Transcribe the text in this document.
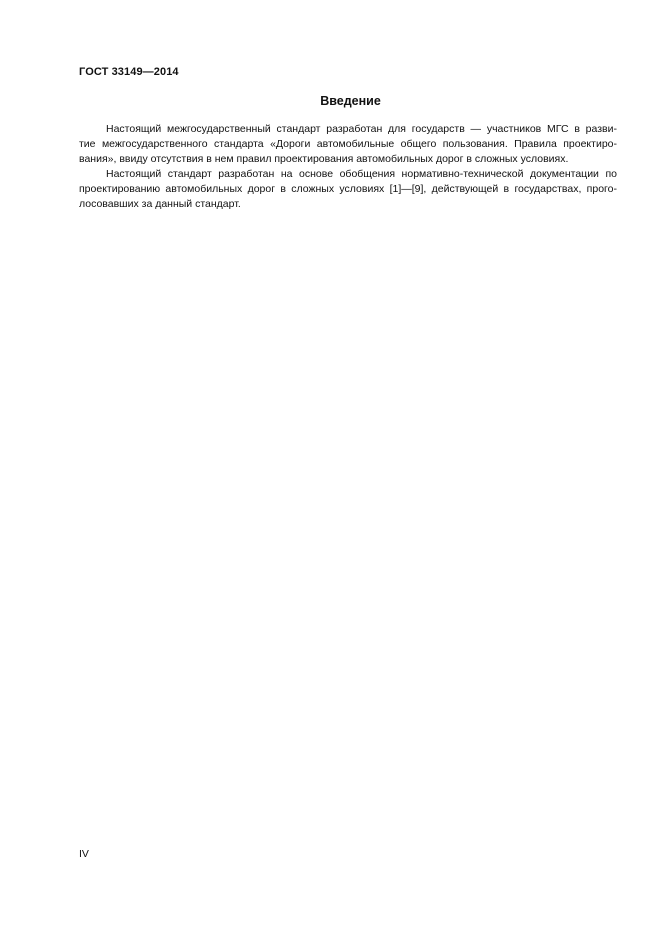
ГОСТ 33149—2014
Введение
Настоящий межгосударственный стандарт разработан для государств — участников МГС в разви-
тие межгосударственного стандарта «Дороги автомобильные общего пользования. Правила проектиро-
вания», ввиду отсутствия в нем правил проектирования автомобильных дорог в сложных условиях.
Настоящий стандарт разработан на основе обобщения нормативно-технической документации по
проектированию автомобильных дорог в сложных условиях [1]—[9], действующей в государствах, прого-
лосовавших за данный стандарт.
IV
